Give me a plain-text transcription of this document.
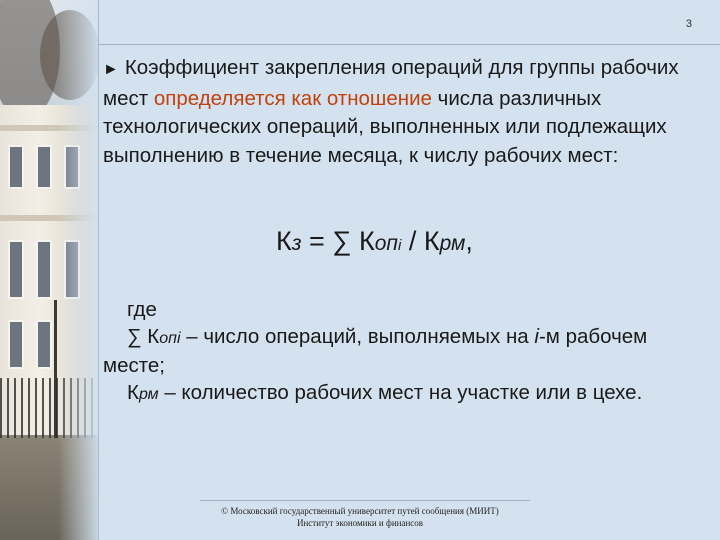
3
► Коэффициент закрепления операций для группы рабочих мест определяется как отношение числа различных технологических операций, выполненных или подлежащих выполнению в течение месяца, к числу рабочих мест:
Кз = ∑ Копi / Крм,
где
∑ Копi – число операций, выполняемых на i-м рабочем месте;
Крм – количество рабочих мест на участке или в цехе.
© Московский государственный университет путей сообщения (МИИТ)
Институт экономики и финансов
